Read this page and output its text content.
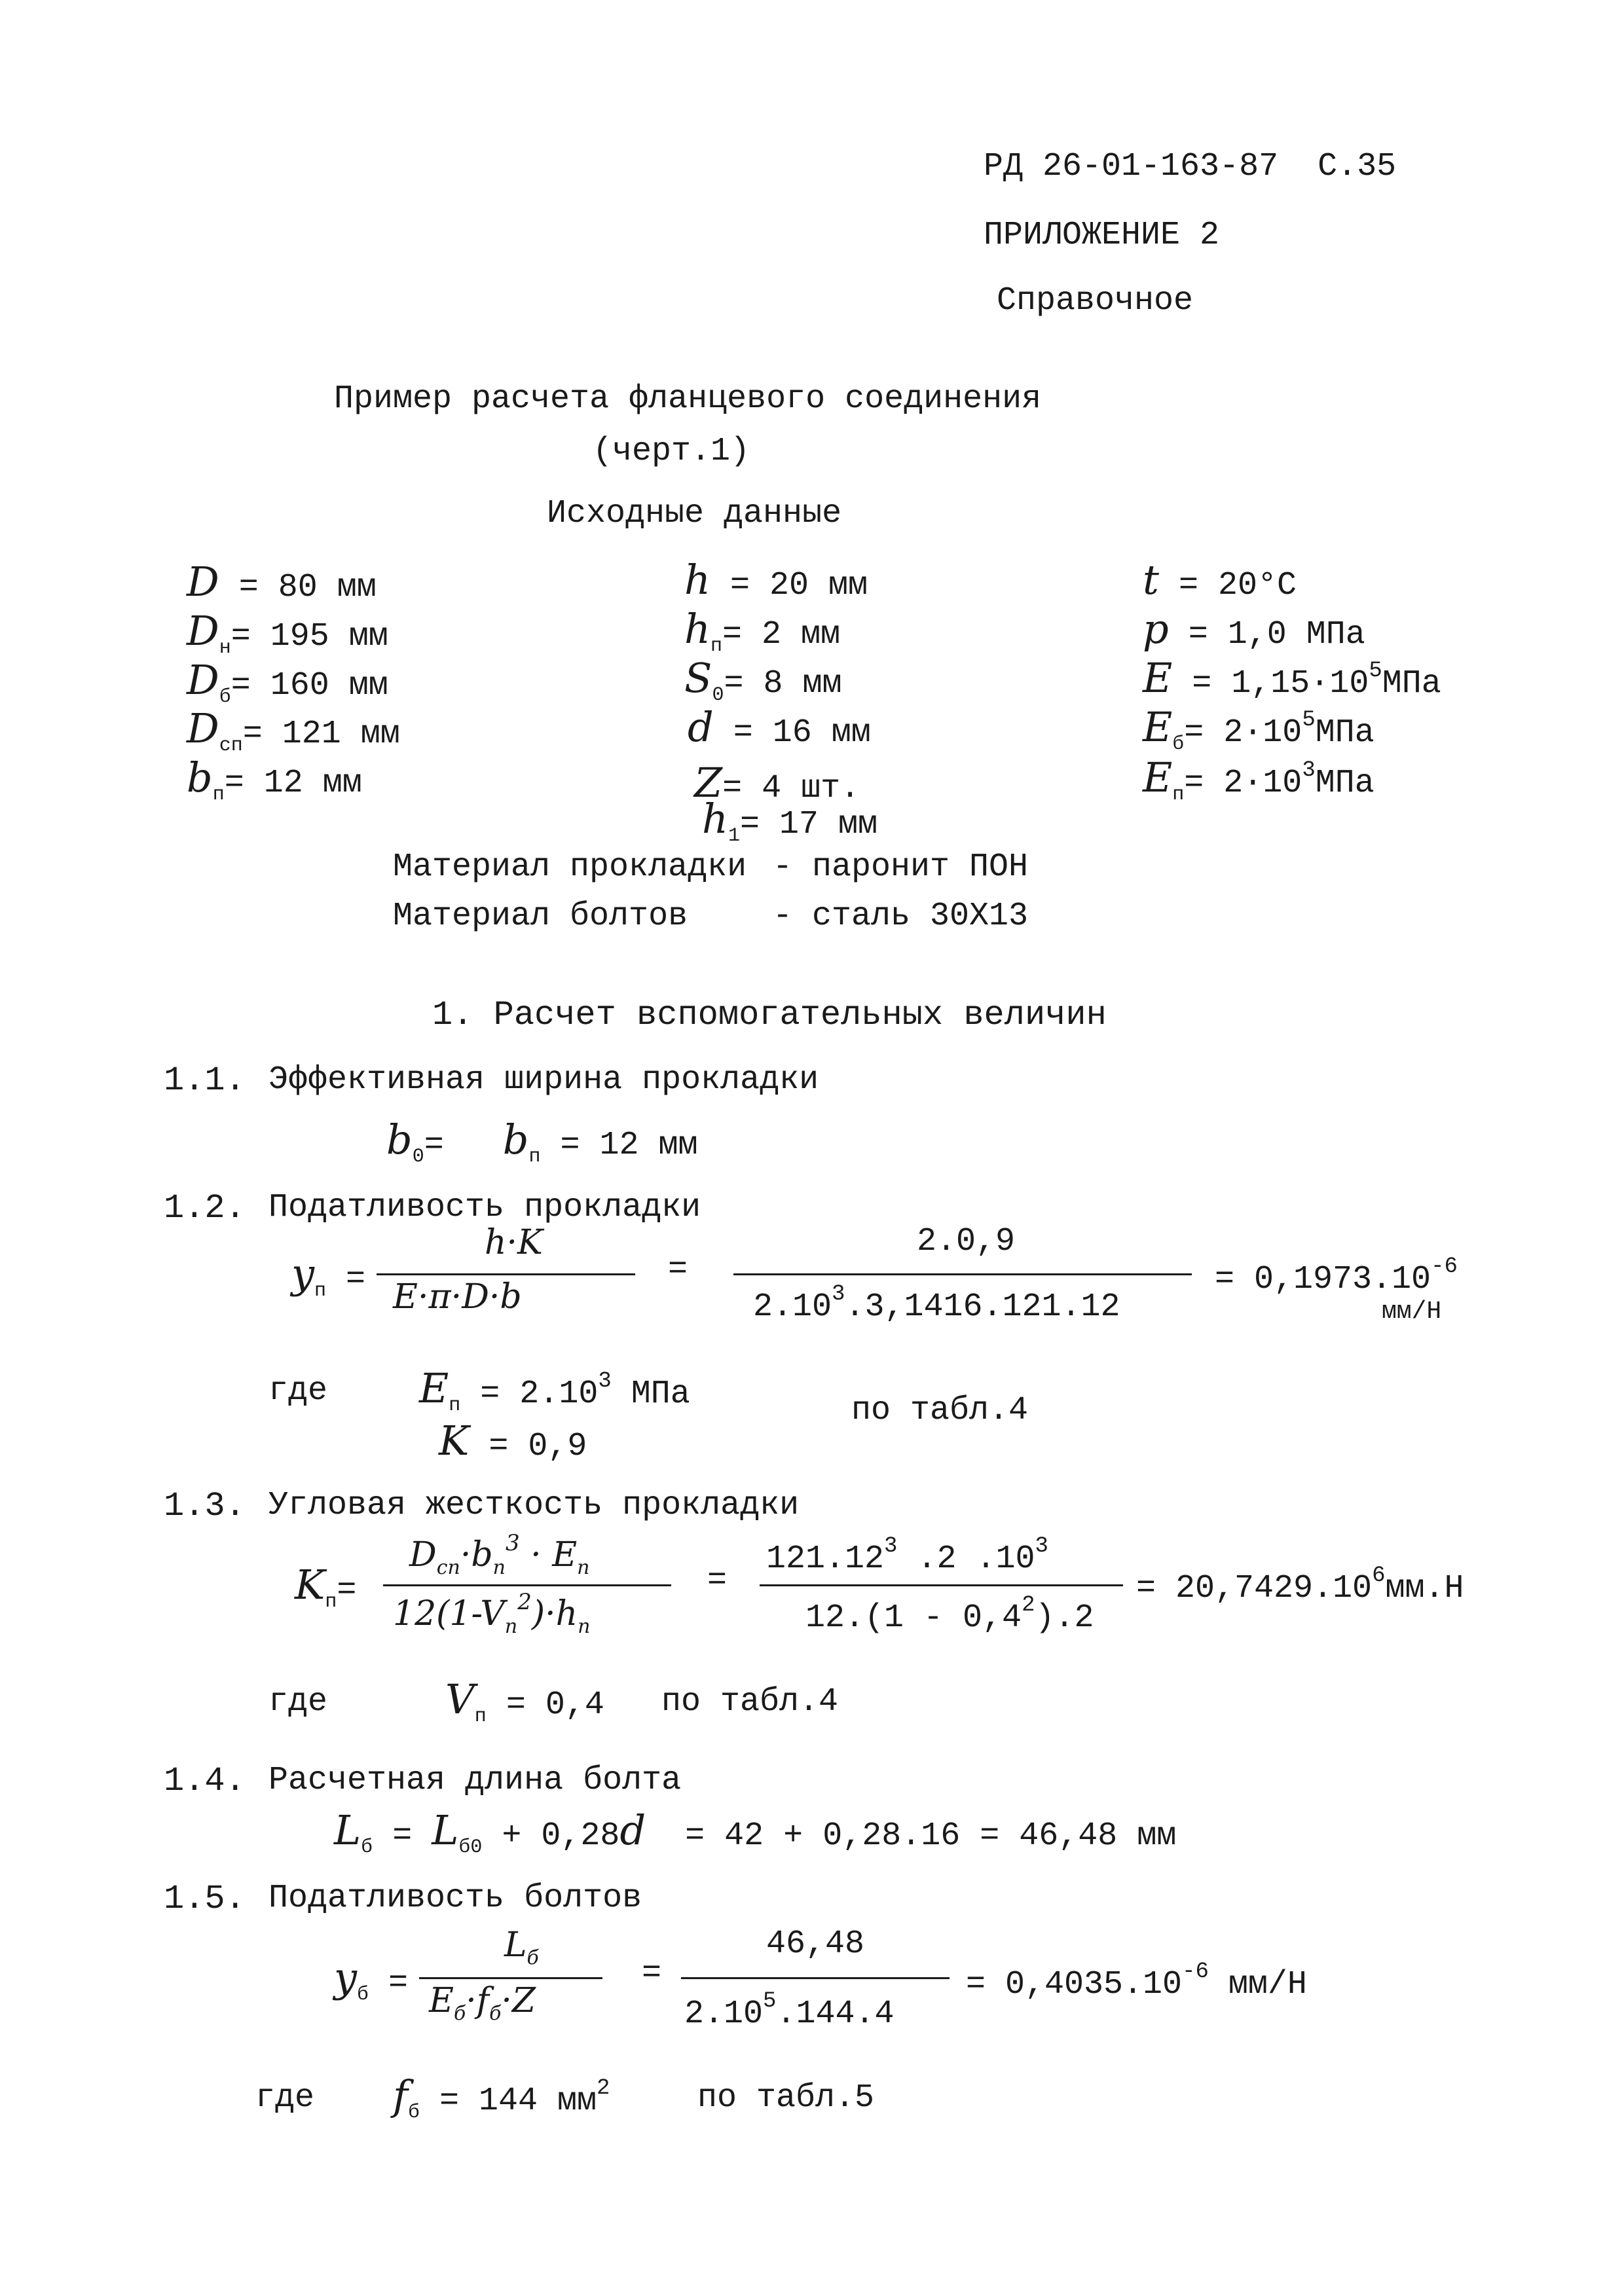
РД 26-01-163-87 С.35
ПРИЛОЖЕНИЕ 2
Справочное
Пример расчета фланцевого соединения
(черт.1)
Исходные данные
D = 80 мм
$D_н= 195$ мм
$D_б= 160$ мм
$D_{сп}= 121$ мм
$b_п= 12$ мм
h = 20 мм
$h_п= 2$ мм
$S_0= 8$ мм
d = 16 мм
Z= 4 шт.
$h_1= 17$ мм
t = 20°C
p = 1,0 МПа
$E = 1,15\cdot 10^5МПа$
$E_б= 2\cdot 10^5МПа$
$E_п= 2\cdot 10^3МПа$
Материал прокладки - паронит ПОН
Материал болтов	- сталь 30Х13
1. Расчет вспомогательных величин
1.1. Эффективная ширина прокладки
$b_0= b_п = 12$ мм
1.2. Податливость прокладки
$y_п$ =
h·K
E·π·D·b
=
2.0,9
$2.10^3.3,1416.121.12$
= $0,1973.10^{-6}$
мм/Н
где $E_п = 2.10^3$ МПа
K = 0,9
по табл.4
1.3. Угловая жесткость прокладки
$K_п=$
$D_{сп}\cdot b_п^3 \cdot E_п$
$12(1-V_п^2)\cdot h_п$
=
$121.12^3$ .2 $.10^3$
$12.(1 - 0,4^2).2$
= $20,7429.10^6мм.Н$
где	$V_п = 0,4$ по табл.4
1.4. Расчетная длина болта
$L_б = L_{б0} + 0,28d = 42 + 0,28.16 = 46,48$ мм
1.5. Податливость болтов
$y_б$ =
$L_б$
$E_б\cdot f_б\cdot Z$
=
46,48
$2.10^5.144.4$
= $0,4035.10^{-6}$ мм/Н
где $f_б = 144$ $мм^2$	по табл.5
